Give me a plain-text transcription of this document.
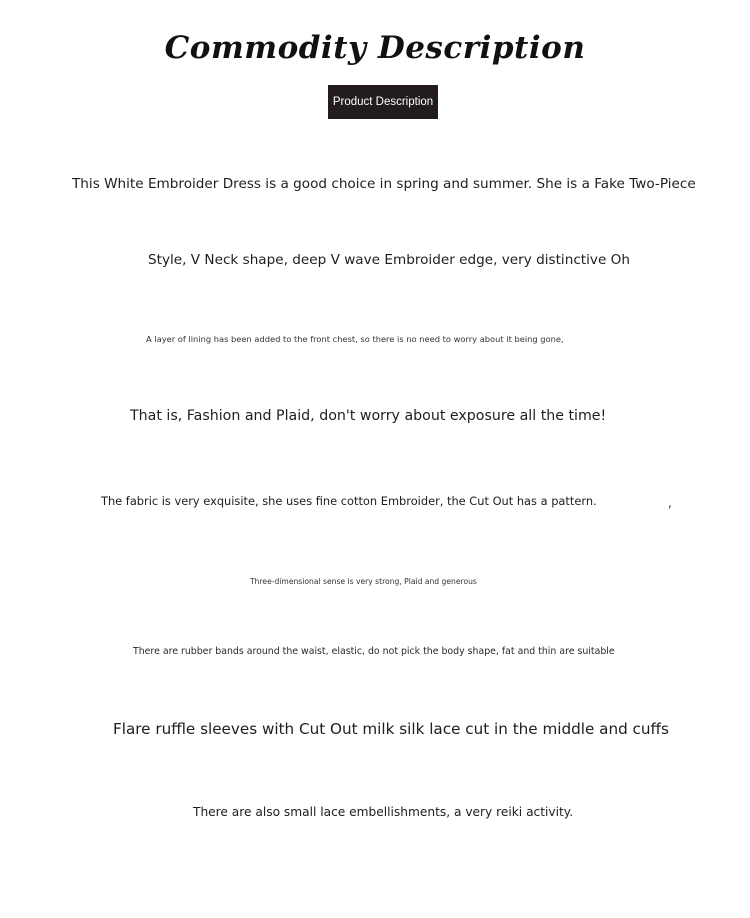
Commodity Description
Product Description
This White Embroider Dress is a good choice in spring and summer. She is a Fake Two-Piece
Style, V Neck shape, deep V wave Embroider edge, very distinctive Oh
A layer of lining has been added to the front chest, so there is no need to worry about it being gone,
That is, Fashion and Plaid, don't worry about exposure all the time!
The fabric is very exquisite, she uses fine cotton Embroider, the Cut Out has a pattern.	,
Three-dimensional sense is very strong, Plaid and generous
There are rubber bands around the waist, elastic, do not pick the body shape, fat and thin are suitable
Flare ruffle sleeves with Cut Out milk silk lace cut in the middle and cuffs
There are also small lace embellishments, a very reiki activity.
